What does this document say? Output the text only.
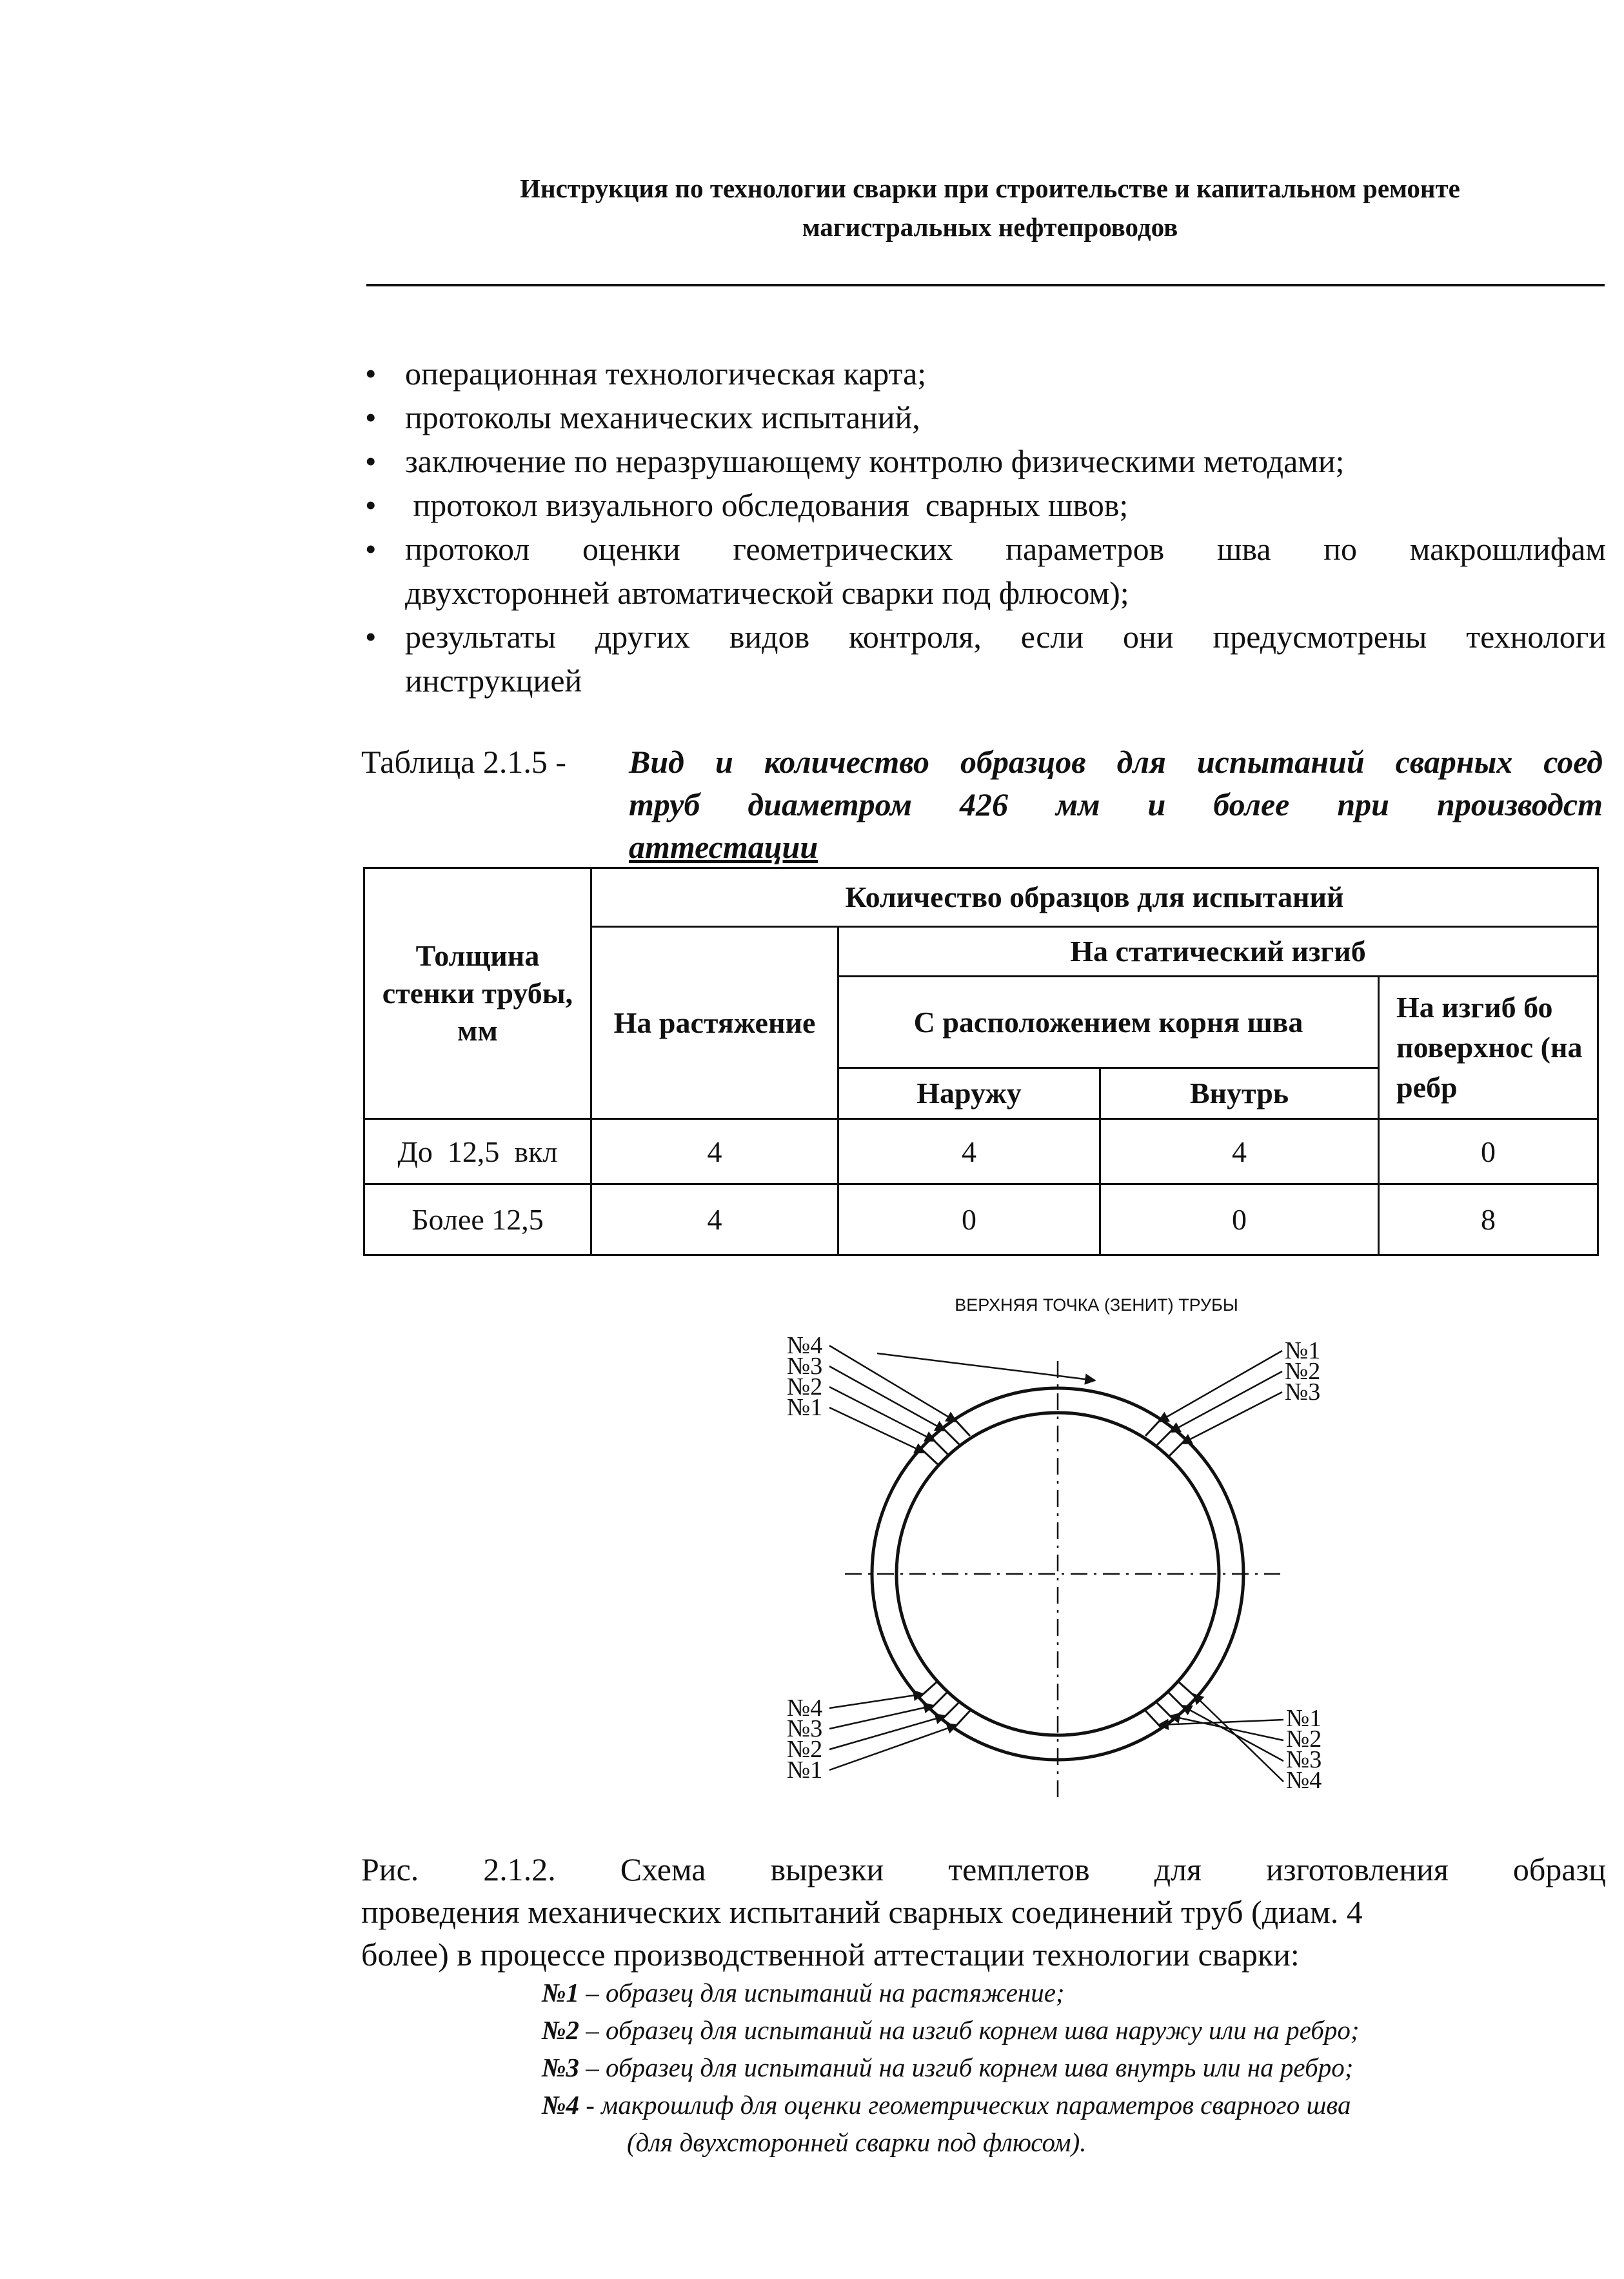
Инструкция по технологии сварки при строительстве и капитальном ремонте
магистральных нефтепроводов
• операционная технологическая карта;
• протоколы механических испытаний,
• заключение по неразрушающему контролю физическими методами;
•  протокол визуального обследования  сварных швов;
• протокол оценки геометрических параметров шва по макрошлифам
двухсторонней автоматической сварки под флюсом);
• результаты других видов контроля, если они предусмотрены технологи
инструкцией
Таблица 2.1.5 - Вид и количество образцов для испытаний сварных соед
труб диаметром 426 мм и более при производст
аттестации
Толщина стенки трубы, мм	Количество образцов для испытаний			
	На растяжение	На статический изгиб		
		С расположением корня шва		На изгиб бо поверхнос (на ребр
		Наружу	Внутрь	
До  12,5  вкл	4	4	4	0
Более 12,5	4	0	0	8
ВЕРХНЯЯ ТОЧКА (ЗЕНИТ) ТРУБЫ
№4
№3
№2
№1
№1
№2
№3
№4
№3
№2
№1
№1
№2
№3
№4
Рис. 2.1.2. Схема вырезки темплетов для изготовления образц
проведения механических испытаний сварных соединений труб (диам. 4
более) в процессе производственной аттестации технологии сварки:
№1 – образец для испытаний на растяжение;
№2 – образец для испытаний на изгиб корнем шва наружу или на ребро;
№3 – образец для испытаний на изгиб корнем шва внутрь или на ребро;
№4 - макрошлиф для оценки геометрических параметров сварного шва
(для двухсторонней сварки под флюсом).
